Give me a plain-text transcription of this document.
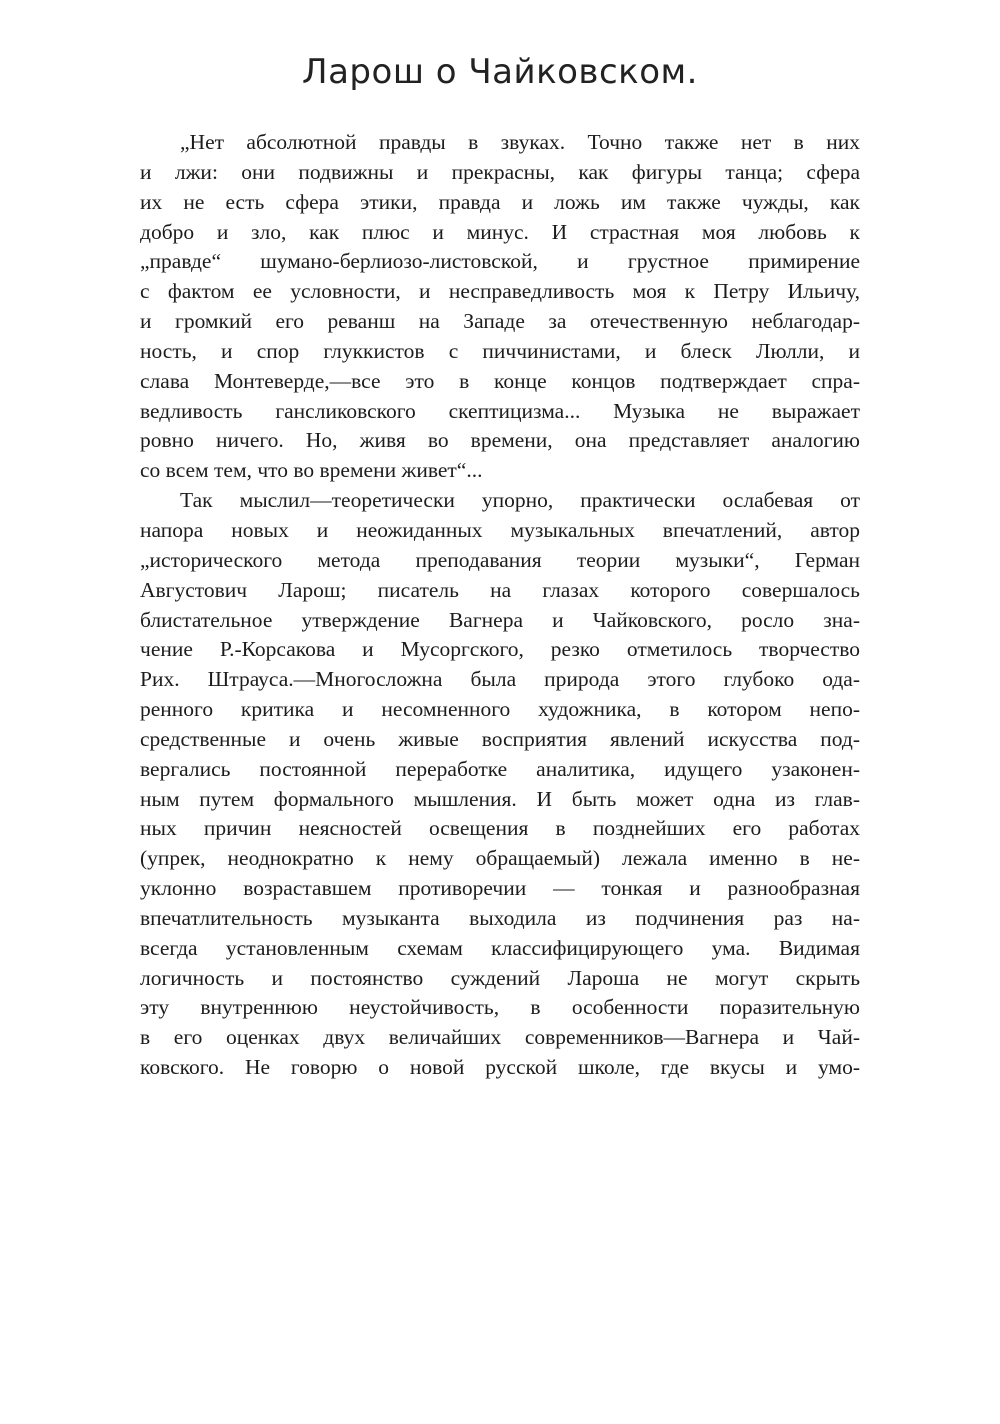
Ларош о Чайковском.
„Нет абсолютной правды в звуках. Точно также нет в них
и лжи: они подвижны и прекрасны, как фигуры танца; сфера
их не есть сфера этики, правда и ложь им также чужды, как
добро и зло, как плюс и минус. И страстная моя любовь к
„правде“ шумано-берлиозо-листовской, и грустное примирение
с фактом ее условности, и несправедливость моя к Петру Ильичу,
и громкий его реванш на Западе за отечественную неблагодар-
ность, и спор глуккистов с пиччинистами, и блеск Люлли, и
слава Монтеверде,—все это в конце концов подтверждает спра-
ведливость гансликовского скептицизма... Музыка не выражает
ровно ничего. Но, живя во времени, она представляет аналогию
со всем тем, что во времени живет“...
Так мыслил—теоретически упорно, практически ослабевая от
напора новых и неожиданных музыкальных впечатлений, автор
„исторического метода преподавания теории музыки“, Герман
Августович Ларош; писатель на глазах которого совершалось
блистательное утверждение Вагнера и Чайковского, росло зна-
чение Р.-Корсакова и Мусоргского, резко отметилось творчество
Рих. Штрауса.—Многосложна была природа этого глубоко ода-
ренного критика и несомненного художника, в котором непо-
средственные и очень живые восприятия явлений искусства под-
вергались постоянной переработке аналитика, идущего узаконен-
ным путем формального мышления. И быть может одна из глав-
ных причин неясностей освещения в позднейших его работах
(упрек, неоднократно к нему обращаемый) лежала именно в не-
уклонно возраставшем противоречии — тонкая и разнообразная
впечатлительность музыканта выходила из подчинения раз на-
всегда установленным схемам классифицирующего ума. Видимая
логичность и постоянство суждений Лароша не могут скрыть
эту внутреннюю неустойчивость, в особенности поразительную
в его оценках двух величайших современников—Вагнера и Чай-
ковского. Не говорю о новой русской школе, где вкусы и умо-
